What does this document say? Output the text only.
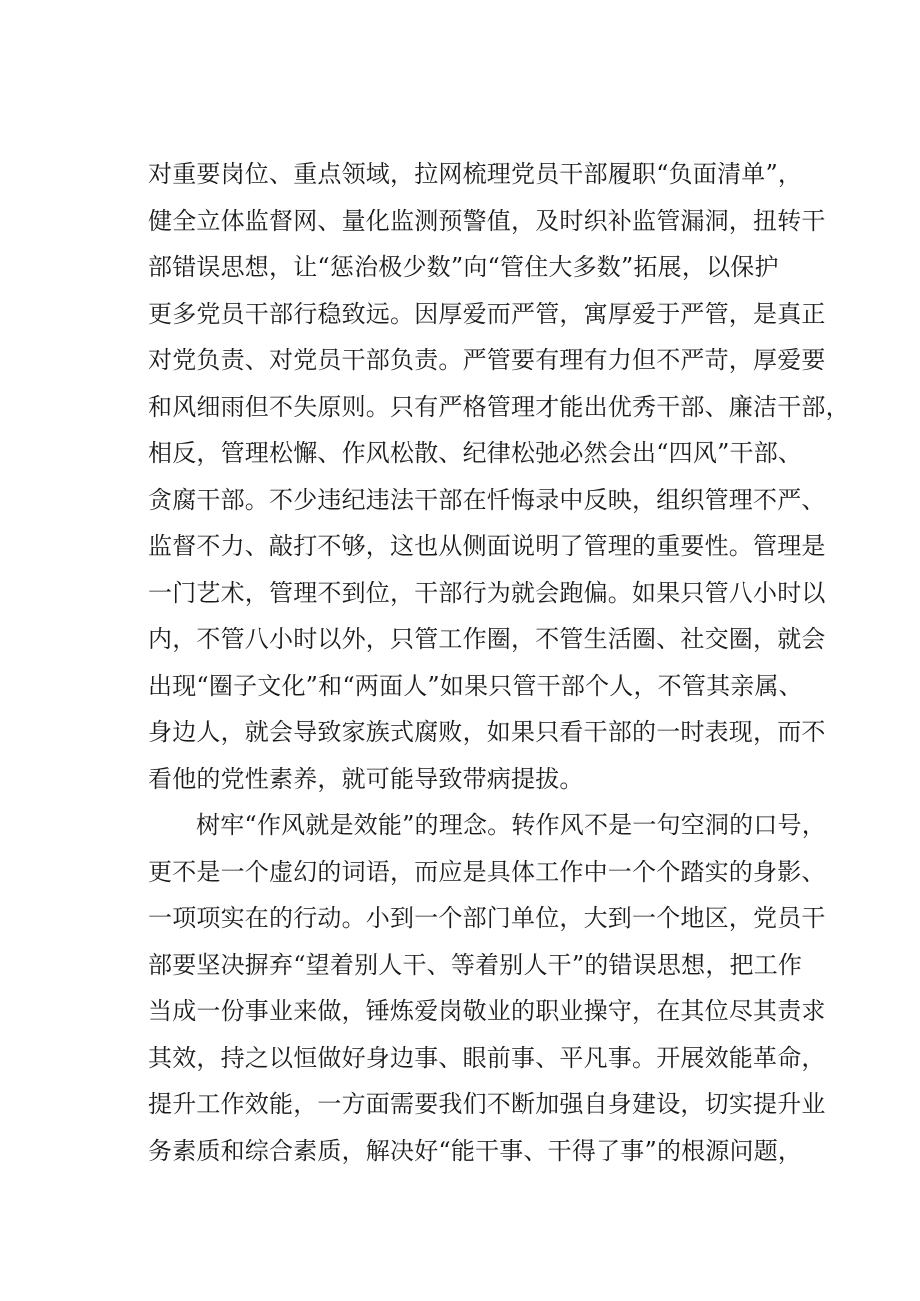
对重要岗位、重点领域，拉网梳理党员干部履职“负面清单”，
健全立体监督网、量化监测预警值，及时织补监管漏洞，扭转干
部错误思想，让“惩治极少数”向“管住大多数”拓展，以保护
更多党员干部行稳致远。因厚爱而严管，寓厚爱于严管，是真正
对党负责、对党员干部负责。严管要有理有力但不严苛，厚爱要
和风细雨但不失原则。只有严格管理才能出优秀干部、廉洁干部，
相反，管理松懈、作风松散、纪律松弛必然会出“四风”干部、
贪腐干部。不少违纪违法干部在忏悔录中反映，组织管理不严、
监督不力、敲打不够，这也从侧面说明了管理的重要性。管理是
一门艺术，管理不到位，干部行为就会跑偏。如果只管八小时以
内，不管八小时以外，只管工作圈，不管生活圈、社交圈，就会
出现“圈子文化”和“两面人”如果只管干部个人，不管其亲属、
身边人，就会导致家族式腐败，如果只看干部的一时表现，而不
看他的党性素养，就可能导致带病提拔。
树牢“作风就是效能”的理念。转作风不是一句空洞的口号，
更不是一个虚幻的词语，而应是具体工作中一个个踏实的身影、
一项项实在的行动。小到一个部门单位，大到一个地区，党员干
部要坚决摒弃“望着别人干、等着别人干”的错误思想，把工作
当成一份事业来做，锤炼爱岗敬业的职业操守，在其位尽其责求
其效，持之以恒做好身边事、眼前事、平凡事。开展效能革命，
提升工作效能，一方面需要我们不断加强自身建设，切实提升业
务素质和综合素质，解决好“能干事、干得了事”的根源问题，
